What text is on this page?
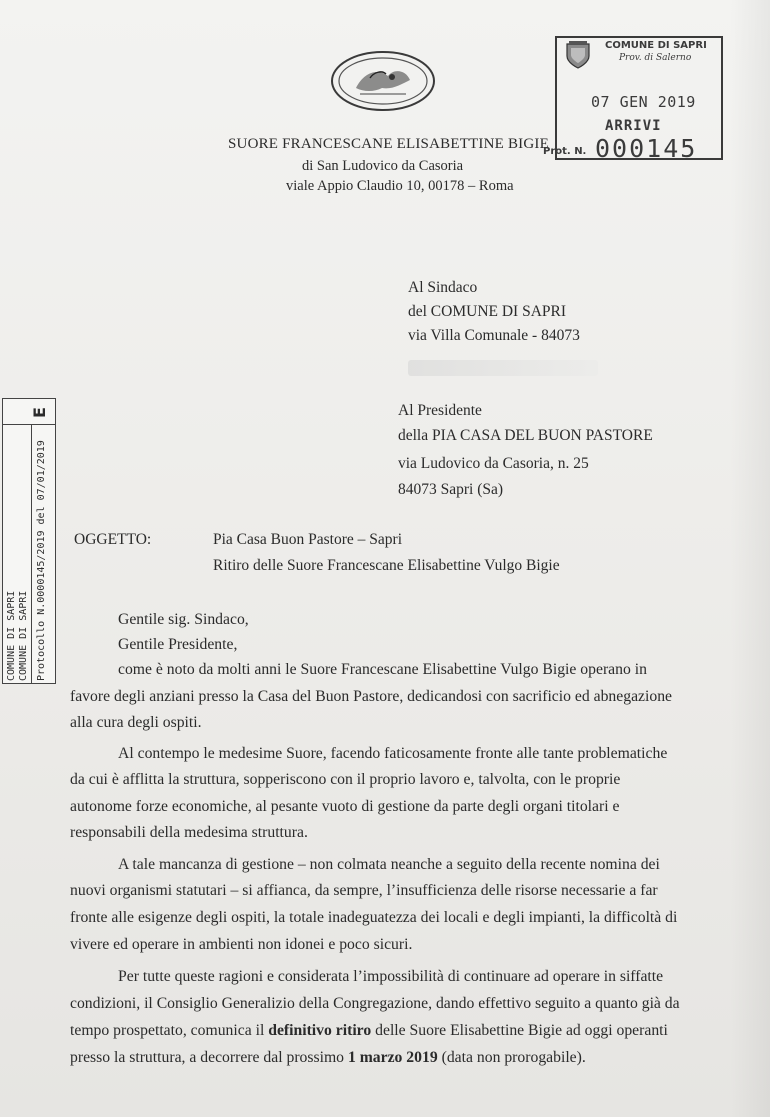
SUORE FRANCESCANE ELISABETTINE BIGIE
di San Ludovico da Casoria
viale Appio Claudio 10, 00178 – Roma
COMUNE DI SAPRI
Prov. di Salerno
07 GEN 2019
ARRIVI
Prot. N. 000145
Al Sindaco
del COMUNE DI SAPRI
via Villa Comunale - 84073
Al Presidente
della PIA CASA DEL BUON PASTORE
via Ludovico da Casoria, n. 25
84073 Sapri (Sa)
E
COMUNE DI SAPRI COMUNE DI SAPRI Protocollo N.0000145/2019 del 07/01/2019 OGGETTO:	Pia Casa Buon Pastore – Sapri
Ritiro delle Suore Francescane Elisabettine Vulgo Bigie
Gentile sig. Sindaco,
Gentile Presidente,
come è noto da molti anni le Suore Francescane Elisabettine Vulgo Bigie operano in
favore degli anziani presso la Casa del Buon Pastore, dedicandosi con sacrificio ed abnegazione
alla cura degli ospiti.
Al contempo le medesime Suore, facendo faticosamente fronte alle tante problematiche
da cui è afflitta la struttura, sopperiscono con il proprio lavoro e, talvolta, con le proprie
autonome forze economiche, al pesante vuoto di gestione da parte degli organi titolari e
responsabili della medesima struttura.
A tale mancanza di gestione – non colmata neanche a seguito della recente nomina dei
nuovi organismi statutari – si affianca, da sempre, l’insufficienza delle risorse necessarie a far
fronte alle esigenze degli ospiti, la totale inadeguatezza dei locali e degli impianti, la difficoltà di
vivere ed operare in ambienti non idonei e poco sicuri.
Per tutte queste ragioni e considerata l’impossibilità di continuare ad operare in siffatte
condizioni, il Consiglio Generalizio della Congregazione, dando effettivo seguito a quanto già da
tempo prospettato, comunica il definitivo ritiro delle Suore Elisabettine Bigie ad oggi operanti
presso la struttura, a decorrere dal prossimo 1 marzo 2019 (data non prorogabile).
